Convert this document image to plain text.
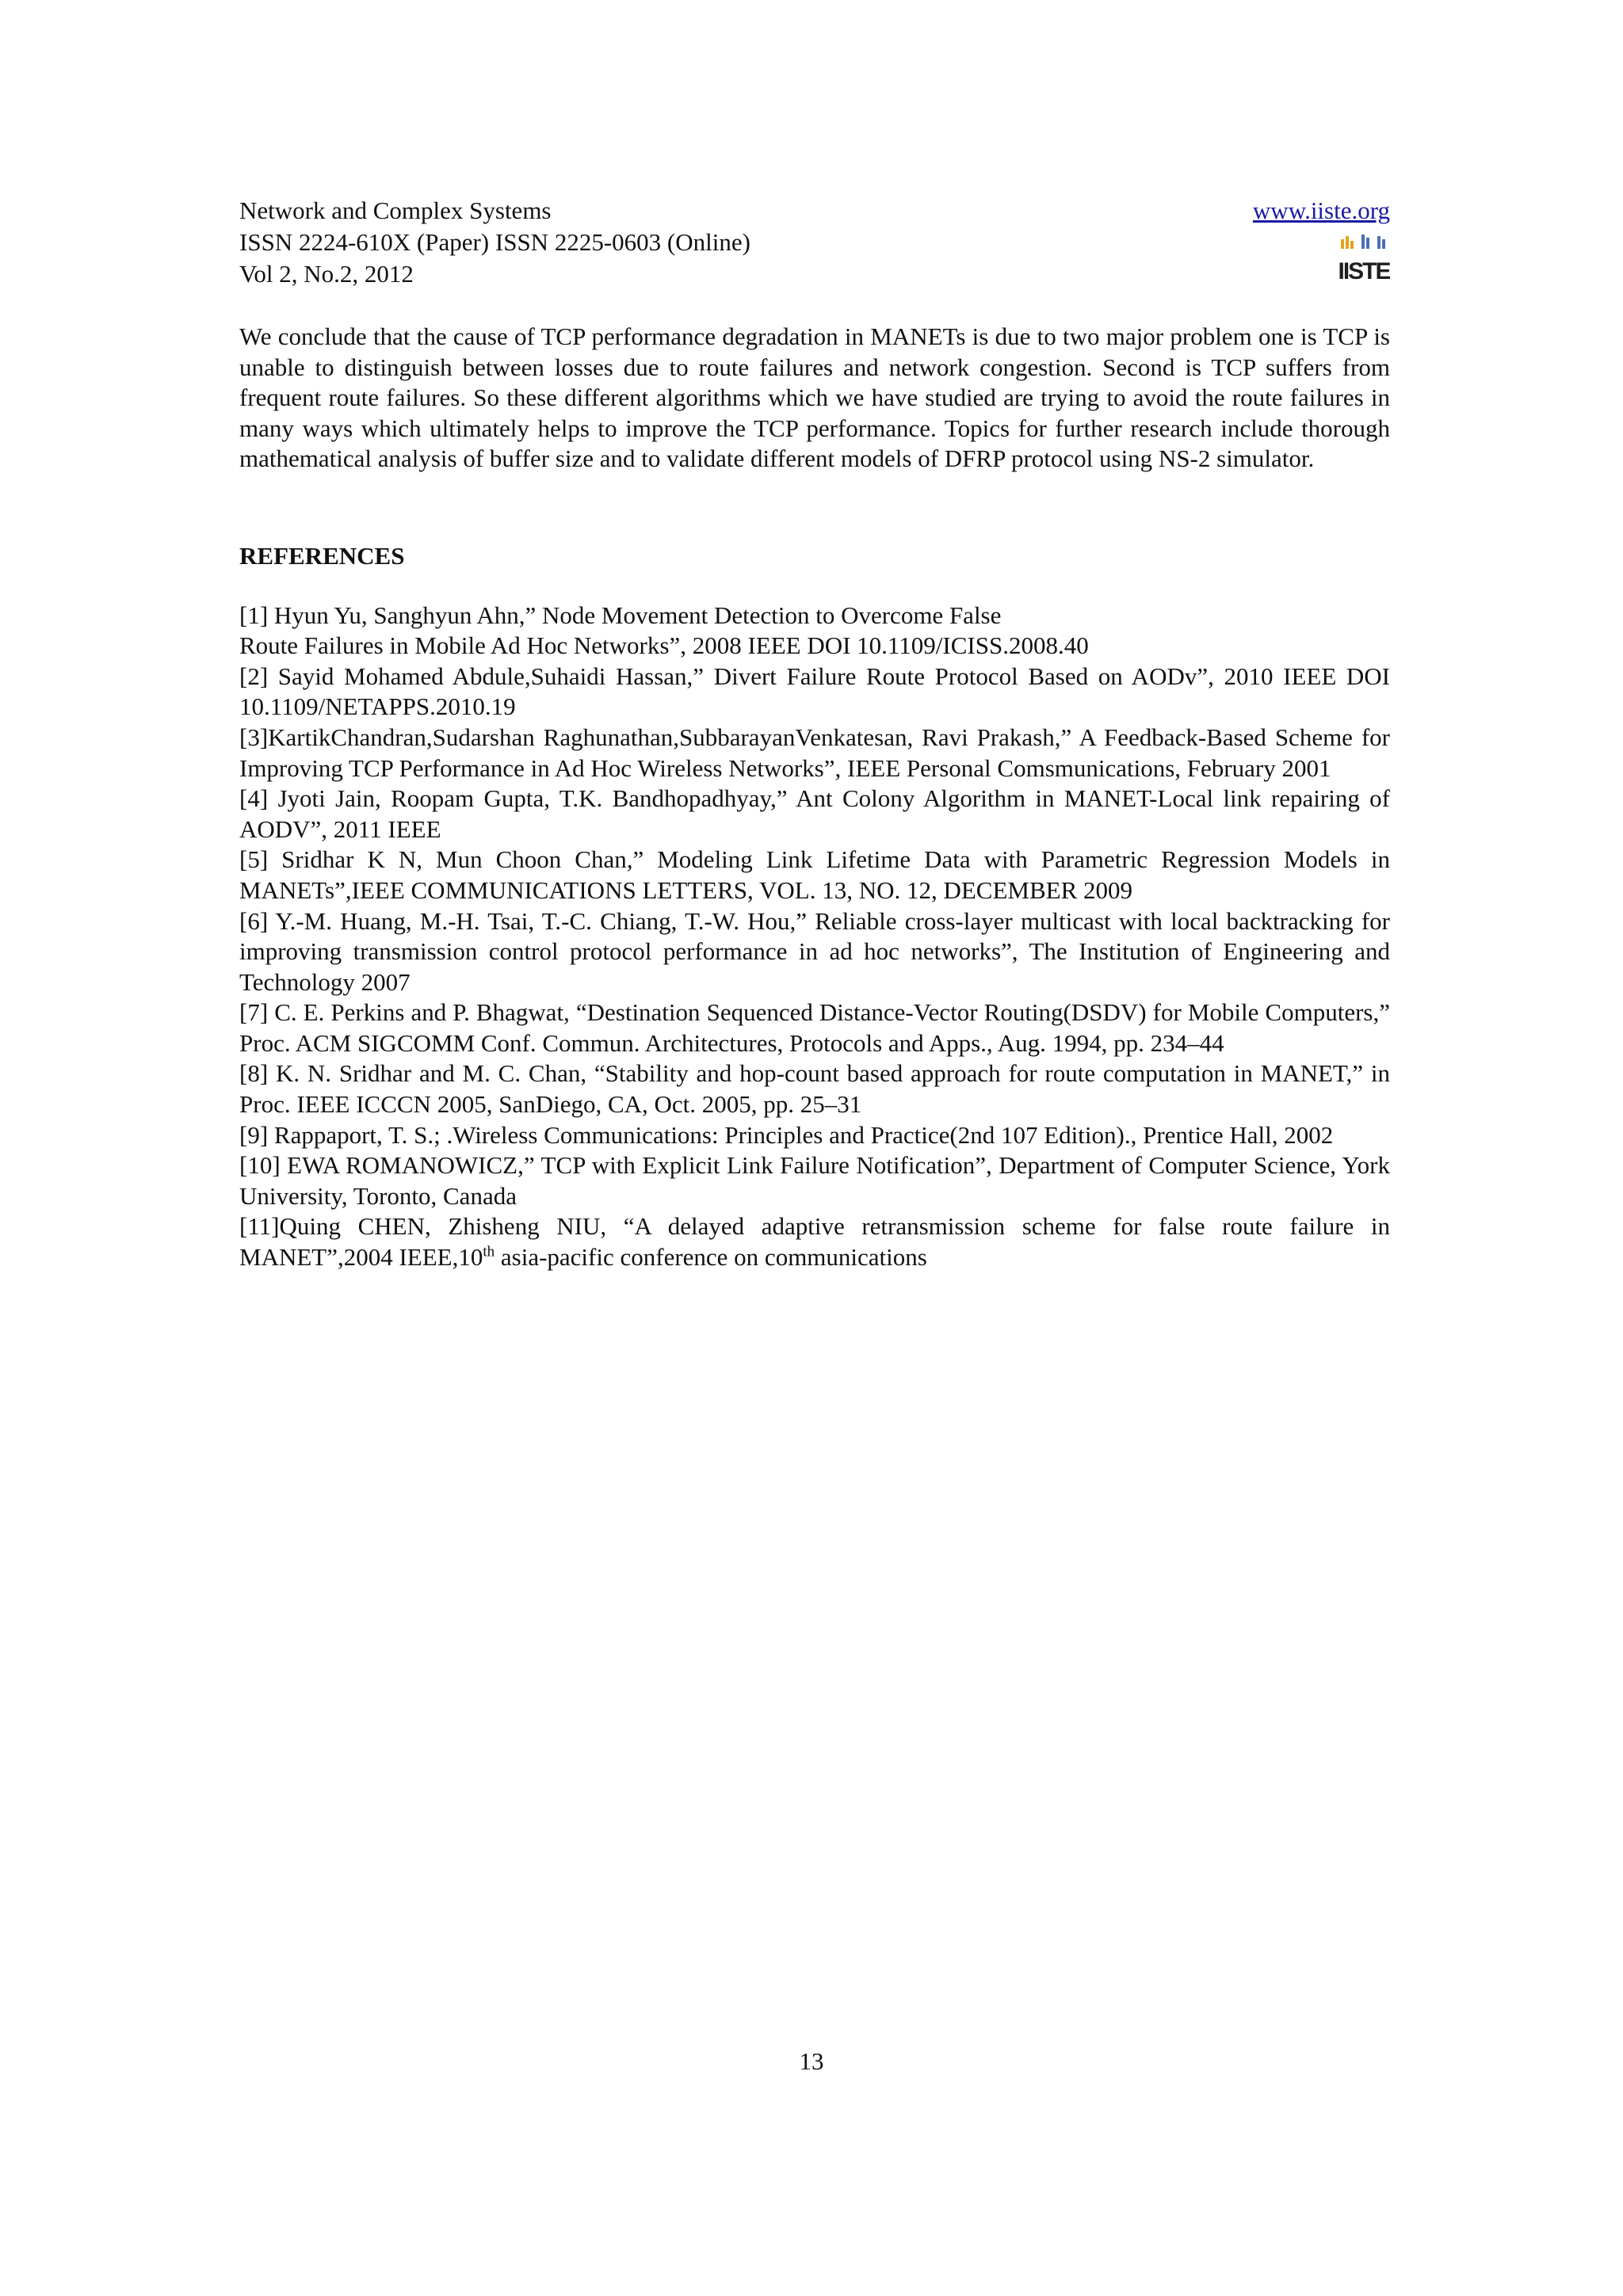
Network and Complex Systems
ISSN 2224-610X (Paper) ISSN 2225-0603 (Online)
Vol 2, No.2, 2012
www.iiste.org
IISTE

We conclude that the cause of TCP performance degradation in MANETs is due to two major problem one is TCP is unable to distinguish between losses due to route failures and network congestion. Second is TCP suffers from frequent route failures. So these different algorithms which we have studied are trying to avoid the route failures in many ways which ultimately helps to improve the TCP performance. Topics for further research include thorough mathematical analysis of buffer size and to validate different models of DFRP protocol using NS-2 simulator.

REFERENCES
[1] Hyun Yu, Sanghyun Ahn,” Node Movement Detection to Overcome False
Route Failures in Mobile Ad Hoc Networks”, 2008 IEEE DOI 10.1109/ICISS.2008.40
[2] Sayid Mohamed Abdule,Suhaidi Hassan,” Divert Failure Route Protocol Based on AODv”, 2010 IEEE DOI 10.1109/NETAPPS.2010.19
[3]KartikChandran,Sudarshan Raghunathan,SubbarayanVenkatesan, Ravi Prakash,” A Feedback-Based Scheme for Improving TCP Performance in Ad Hoc Wireless Networks”, IEEE Personal Comsmunications, February 2001
[4] Jyoti Jain, Roopam Gupta, T.K. Bandhopadhyay,” Ant Colony Algorithm in MANET-Local link repairing of AODV”, 2011 IEEE
[5] Sridhar K N, Mun Choon Chan,” Modeling Link Lifetime Data with Parametric Regression Models in MANETs”,IEEE COMMUNICATIONS LETTERS, VOL. 13, NO. 12, DECEMBER 2009
[6] Y.-M. Huang, M.-H. Tsai, T.-C. Chiang, T.-W. Hou,” Reliable cross-layer multicast with local backtracking for improving transmission control protocol performance in ad hoc networks”, The Institution of Engineering and Technology 2007
[7] C. E. Perkins and P. Bhagwat, “Destination Sequenced Distance-Vector Routing(DSDV) for Mobile Computers,” Proc. ACM SIGCOMM Conf. Commun. Architectures, Protocols and Apps., Aug. 1994, pp. 234–44
[8] K. N. Sridhar and M. C. Chan, “Stability and hop-count based approach for route computation in MANET,” in Proc. IEEE ICCCN 2005, SanDiego, CA, Oct. 2005, pp. 25–31
[9] Rappaport, T. S.; .Wireless Communications: Principles and Practice(2nd 107 Edition)., Prentice Hall, 2002
[10] EWA ROMANOWICZ,” TCP with Explicit Link Failure Notification”, Department of Computer Science, York University, Toronto, Canada
[11]Quing CHEN, Zhisheng NIU, “A delayed adaptive retransmission scheme for false route failure in MANET”,2004 IEEE,10th asia-pacific conference on communications
13
